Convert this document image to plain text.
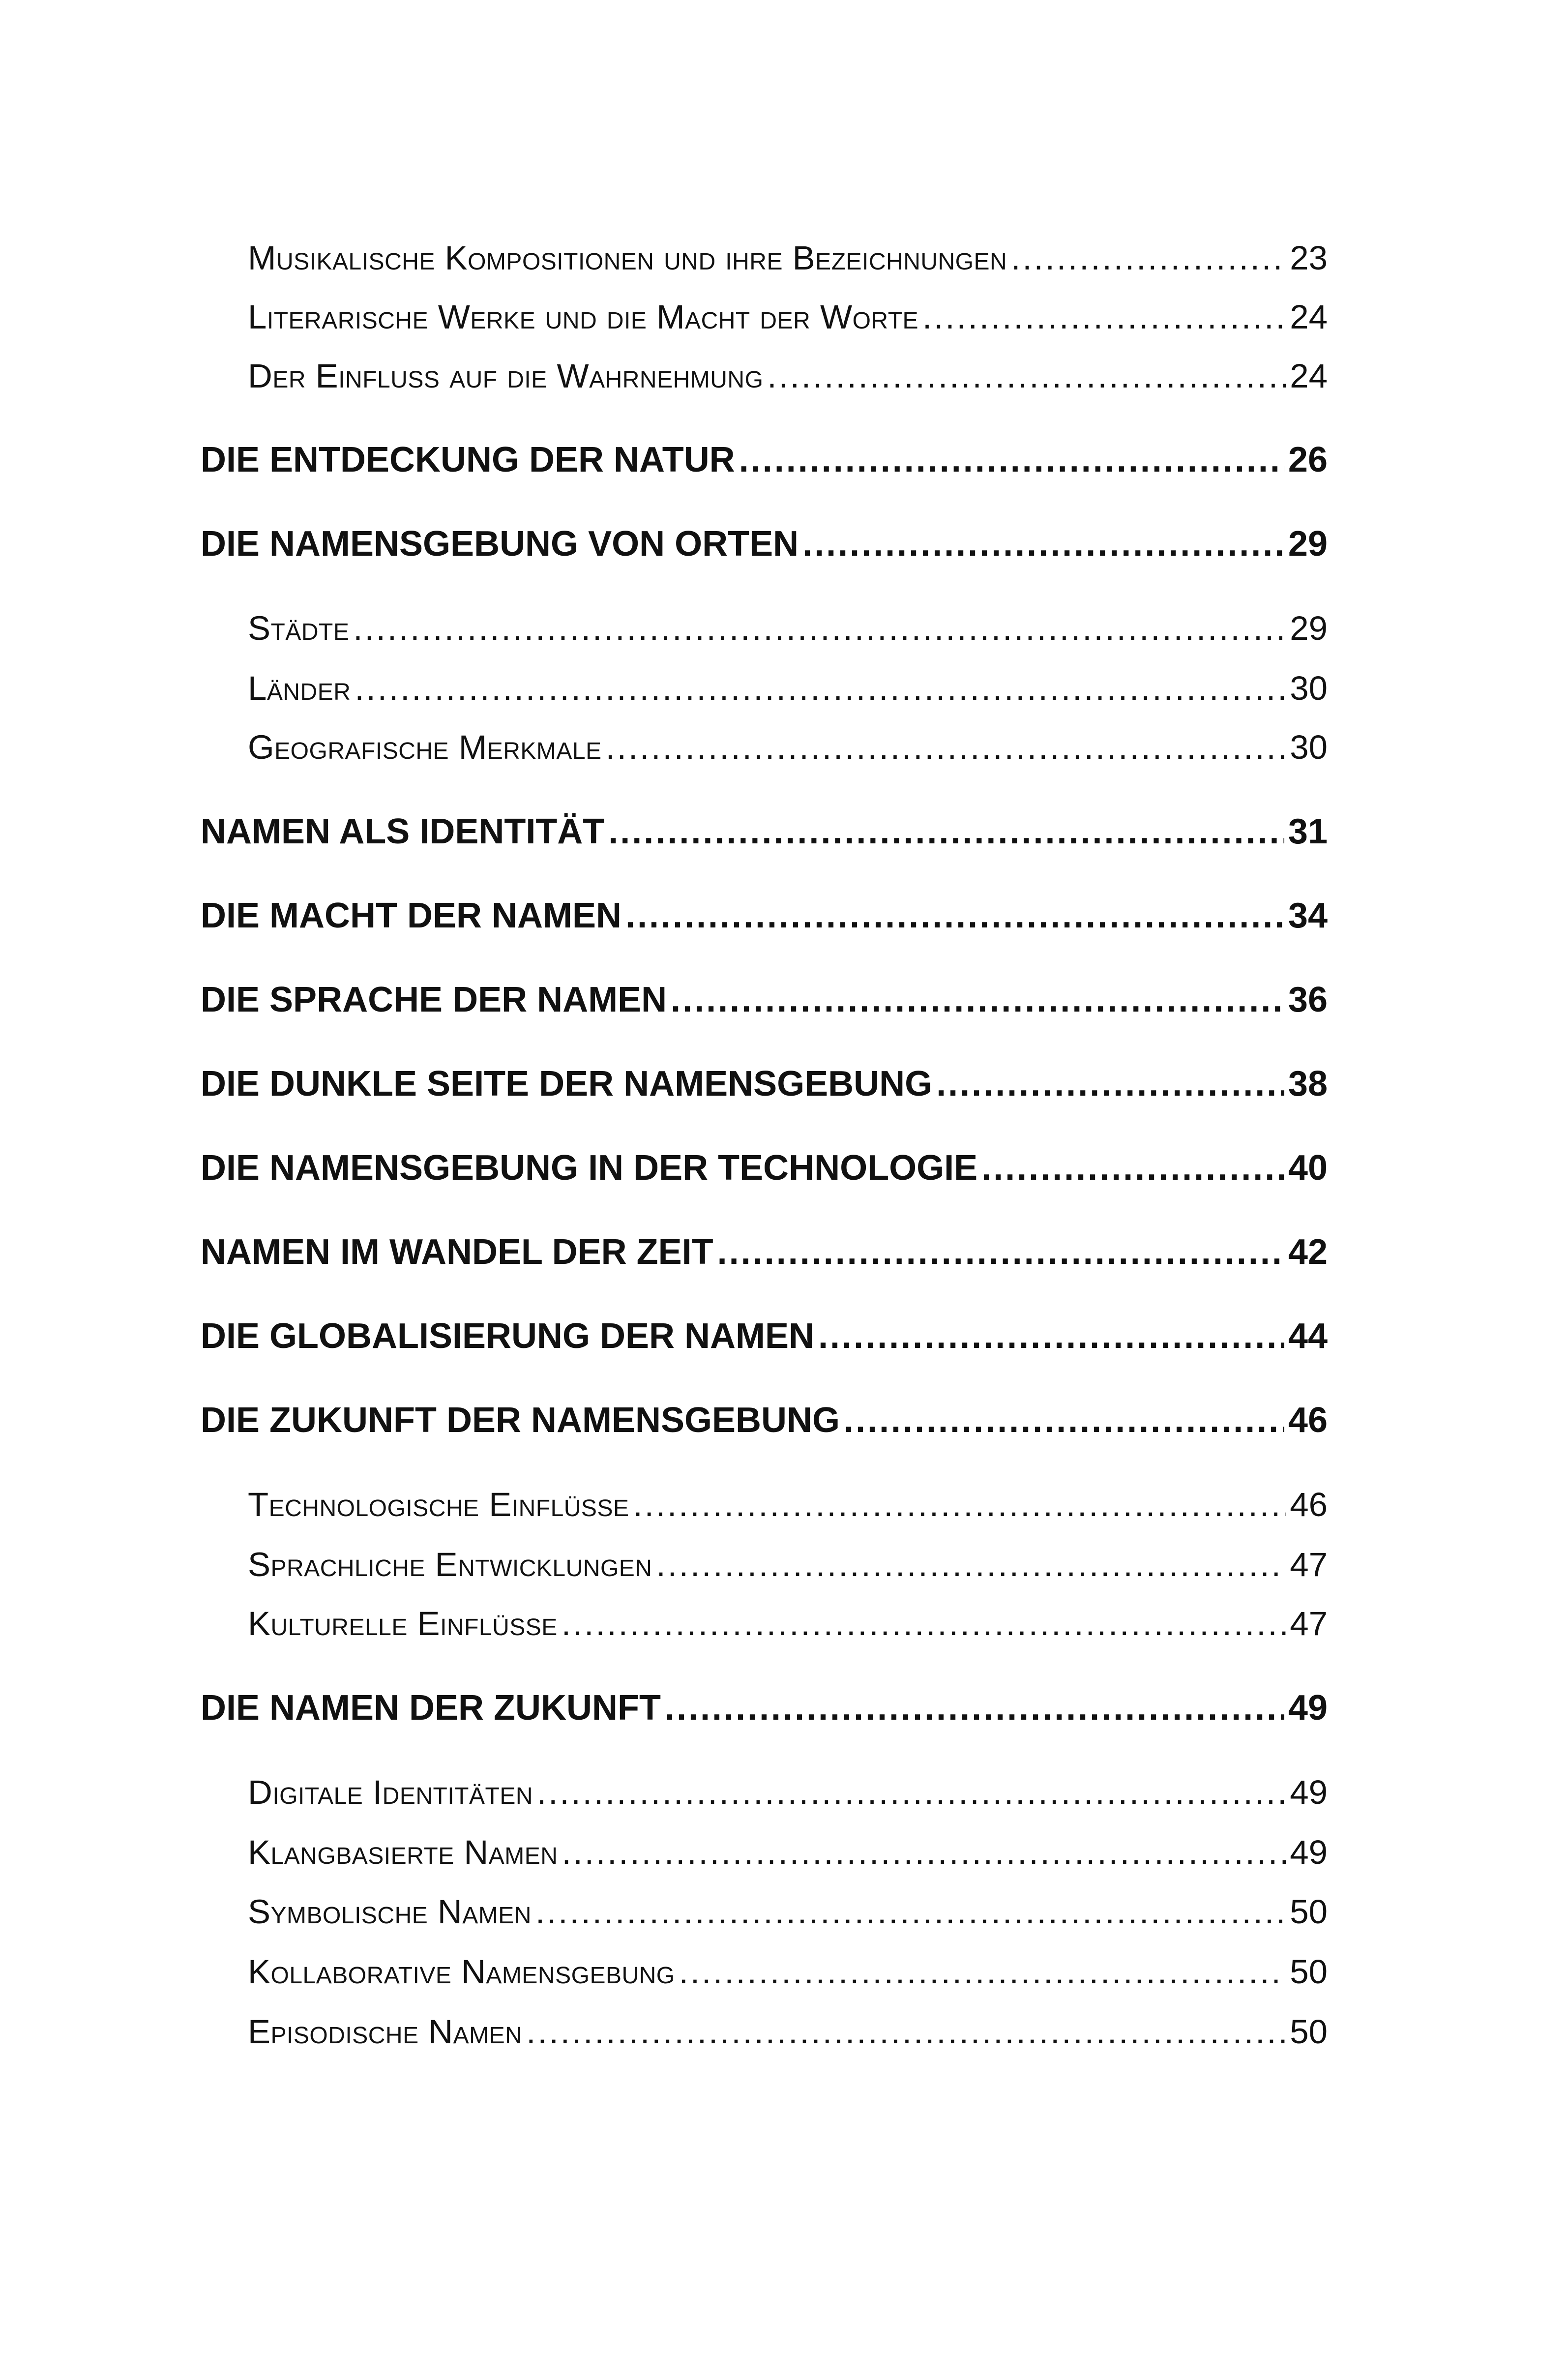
Musikalische Kompositionen und ihre Bezeichnungen .....	23
Literarische Werke und die Macht der Worte .....	24
Der Einfluss auf die Wahrnehmung .....	24
DIE ENTDECKUNG DER NATUR .....	26
DIE NAMENSGEBUNG VON ORTEN .....	29
Städte .....	29
Länder .....	30
Geografische Merkmale .....	30
NAMEN ALS IDENTITÄT .....	31
DIE MACHT DER NAMEN .....	34
DIE SPRACHE DER NAMEN .....	36
DIE DUNKLE SEITE DER NAMENSGEBUNG .....	38
DIE NAMENSGEBUNG IN DER TECHNOLOGIE .....	40
NAMEN IM WANDEL DER ZEIT .....	42
DIE GLOBALISIERUNG DER NAMEN .....	44
DIE ZUKUNFT DER NAMENSGEBUNG .....	46
Technologische Einflüsse .....	46
Sprachliche Entwicklungen .....	47
Kulturelle Einflüsse .....	47
DIE NAMEN DER ZUKUNFT .....	49
Digitale Identitäten .....	49
Klangbasierte Namen .....	49
Symbolische Namen .....	50
Kollaborative Namensgebung .....	50
Episodische Namen .....	50
